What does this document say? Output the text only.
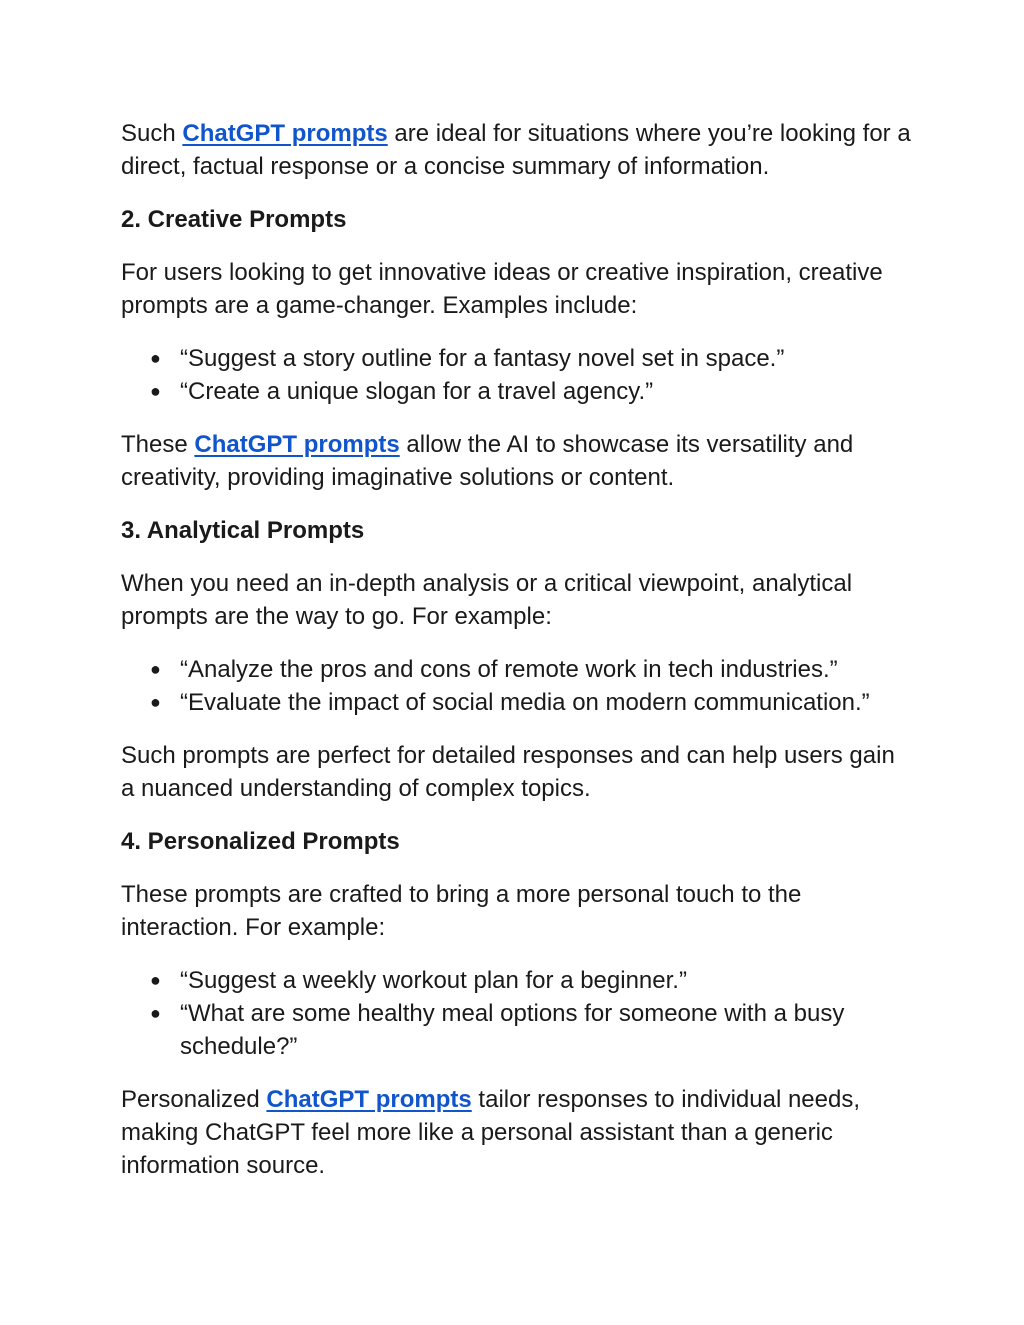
Such ChatGPT prompts are ideal for situations where you’re looking for a direct, factual response or a concise summary of information.

2. Creative Prompts

For users looking to get innovative ideas or creative inspiration, creative prompts are a game-changer. Examples include:

● “Suggest a story outline for a fantasy novel set in space.”
● “Create a unique slogan for a travel agency.”

These ChatGPT prompts allow the AI to showcase its versatility and creativity, providing imaginative solutions or content.

3. Analytical Prompts

When you need an in-depth analysis or a critical viewpoint, analytical prompts are the way to go. For example:

● “Analyze the pros and cons of remote work in tech industries.”
● “Evaluate the impact of social media on modern communication.”

Such prompts are perfect for detailed responses and can help users gain a nuanced understanding of complex topics.

4. Personalized Prompts

These prompts are crafted to bring a more personal touch to the interaction. For example:

● “Suggest a weekly workout plan for a beginner.”
● “What are some healthy meal options for someone with a busy schedule?”

Personalized ChatGPT prompts tailor responses to individual needs, making ChatGPT feel more like a personal assistant than a generic information source.
